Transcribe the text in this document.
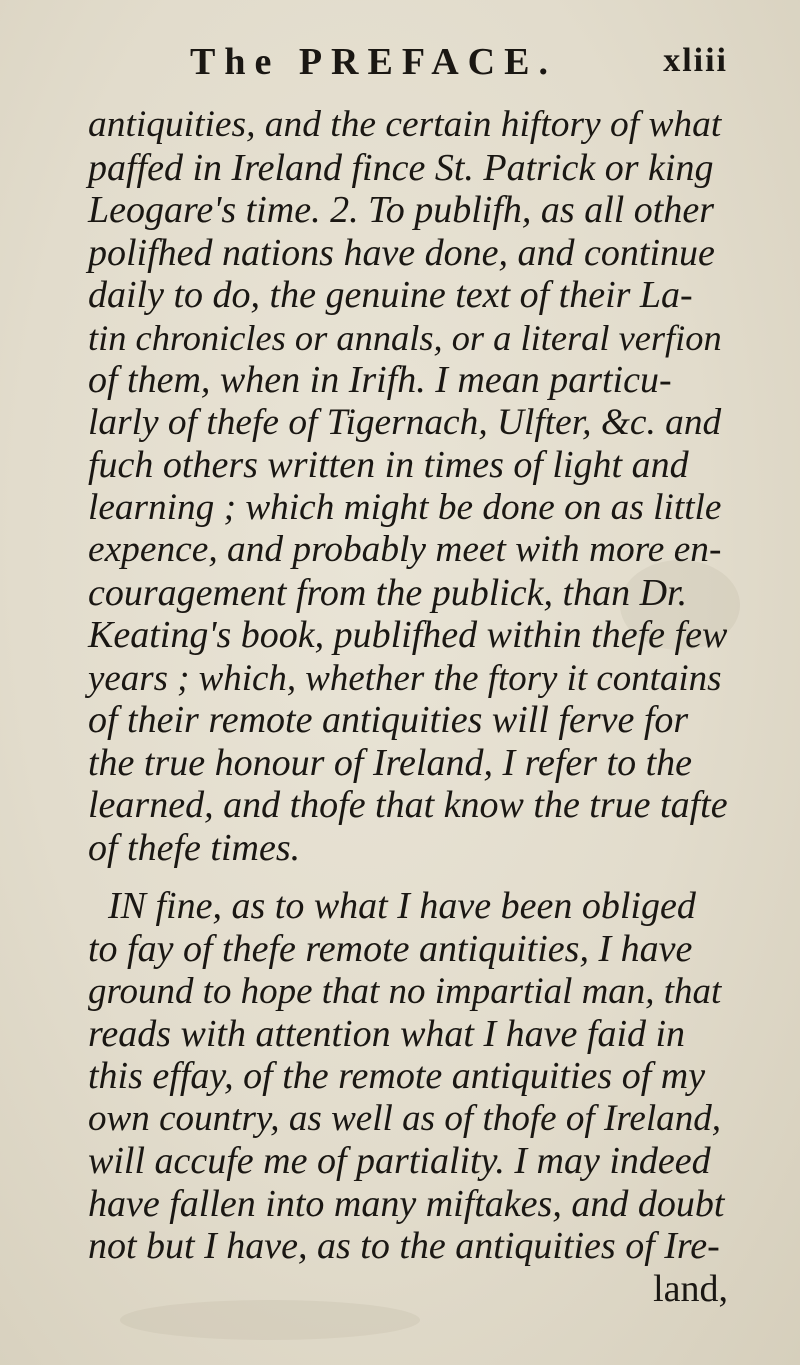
The PREFACE.	xliii
antiquities, and the certain hiftory of what
paffed in Ireland fince St. Patrick or king
Leogare's time. 2. To publifh, as all other
polifhed nations have done, and continue
daily to do, the genuine text of their La-
tin chronicles or annals, or a literal verfion
of them, when in Irifh. I mean particu-
larly of thefe of Tigernach, Ulfter, &c. and
fuch others written in times of light and
learning ; which might be done on as little
expence, and probably meet with more en-
couragement from the publick, than Dr.
Keating's book, publifhed within thefe few
years ; which, whether the ftory it contains
of their remote antiquities will ferve for
the true honour of Ireland, I refer to the
learned, and thofe that know the true tafte
of thefe times.
IN fine, as to what I have been obliged
to fay of thefe remote antiquities, I have
ground to hope that no impartial man, that
reads with attention what I have faid in
this effay, of the remote antiquities of my
own country, as well as of thofe of Ireland,
will accufe me of partiality. I may indeed
have fallen into many miftakes, and doubt
not but I have, as to the antiquities of Ire-
land,
